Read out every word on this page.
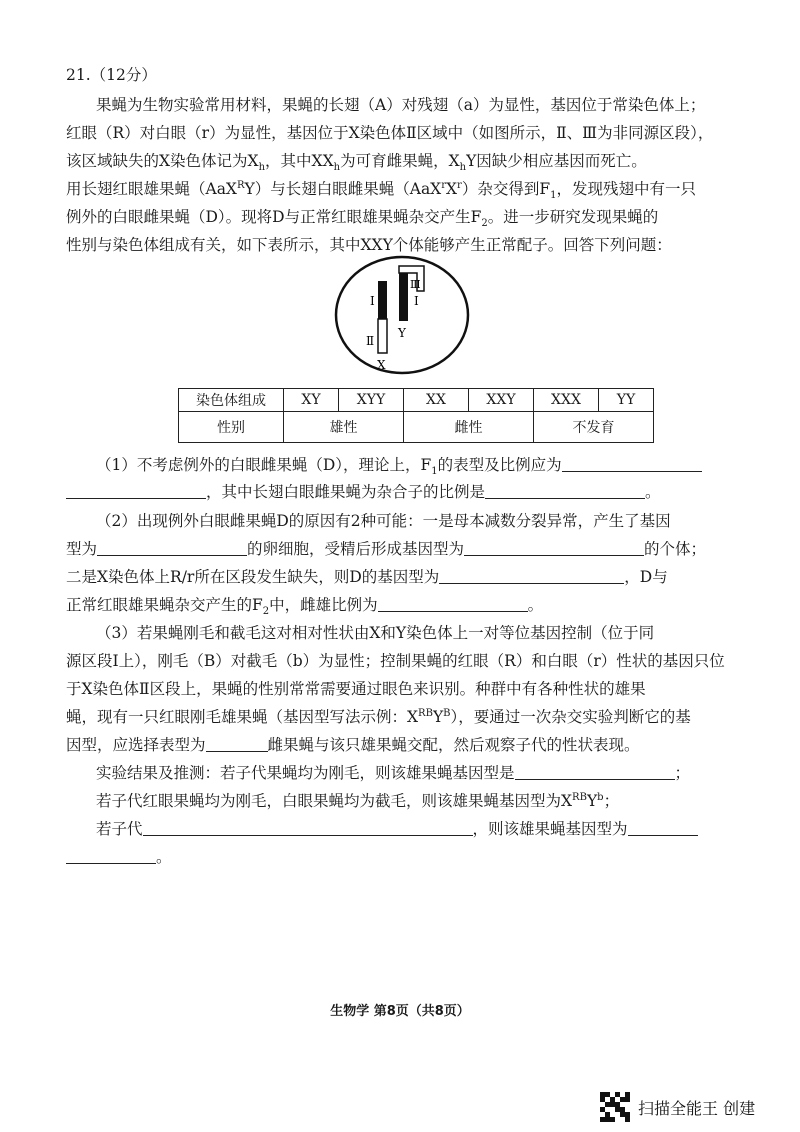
21.（12分）
果蝇为生物实验常用材料，果蝇的长翅（A）对残翅（a）为显性，基因位于常染色体上；
红眼（R）对白眼（r）为显性，基因位于X染色体Ⅱ区域中（如图所示，Ⅱ、Ⅲ为非同源区段），
该区域缺失的X染色体记为$X_h$，其中$XX_h$为可育雌果蝇，$X_hY$因缺少相应基因而死亡。
用长翅红眼雄果蝇（AaX$^R$Y）与长翅白眼雌果蝇$(AaX^rX^r)$杂交得到$F_1$，发现残翅中有一只
例外的白眼雌果蝇（D）。现将D与正常红眼雄果蝇杂交产生$F_2$。进一步研究发现果蝇的
性别与染色体组成有关，如下表所示，其中XXY个体能够产生正常配子。回答下列问题：
Ⅰ	Ⅰ
Ⅱ
Ⅲ
Y
X
染色体组成	XY	XYY	XX	XXY	XXX	YY
性别	雄性		雌性		不发育	
（1）不考虑例外的白眼雌果蝇（D），理论上，$F_1$的表型及比例应为
，其中长翅白眼雌果蝇为杂合子的比例是	。
（2）出现例外白眼雌果蝇D的原因有2种可能：一是母本减数分裂异常，产生了基因
型为	的卵细胞，受精后形成基因型为	的个体；
二是X染色体上R/r所在区段发生缺失，则D的基因型为	，D与
正常红眼雄果蝇杂交产生的$F_2$中，雌雄比例为	。
（3）若果蝇刚毛和截毛这对相对性状由X和Y染色体上一对等位基因控制（位于同
源区段Ⅰ上），刚毛（B）对截毛（b）为显性；控制果蝇的红眼（R）和白眼（r）性状的基因只位
于X染色体Ⅱ区段上，果蝇的性别常常需要通过眼色来识别。种群中有各种性状的雄果
蝇，现有一只红眼刚毛雄果蝇（基因型写法示例：$X^{RB}Y^B$），要通过一次杂交实验判断它的基
因型，应选择表型为	雌果蝇与该只雄果蝇交配，然后观察子代的性状表现。
实验结果及推测：若子代果蝇均为刚毛，则该雄果蝇基因型是	；
若子代红眼果蝇均为刚毛，白眼果蝇均为截毛，则该雄果蝇基因型为$X^{RB}Y^b$；
若子代	，则该雄果蝇基因型为
。
生物学 第8页（共8页）
扫描全能王 创建
